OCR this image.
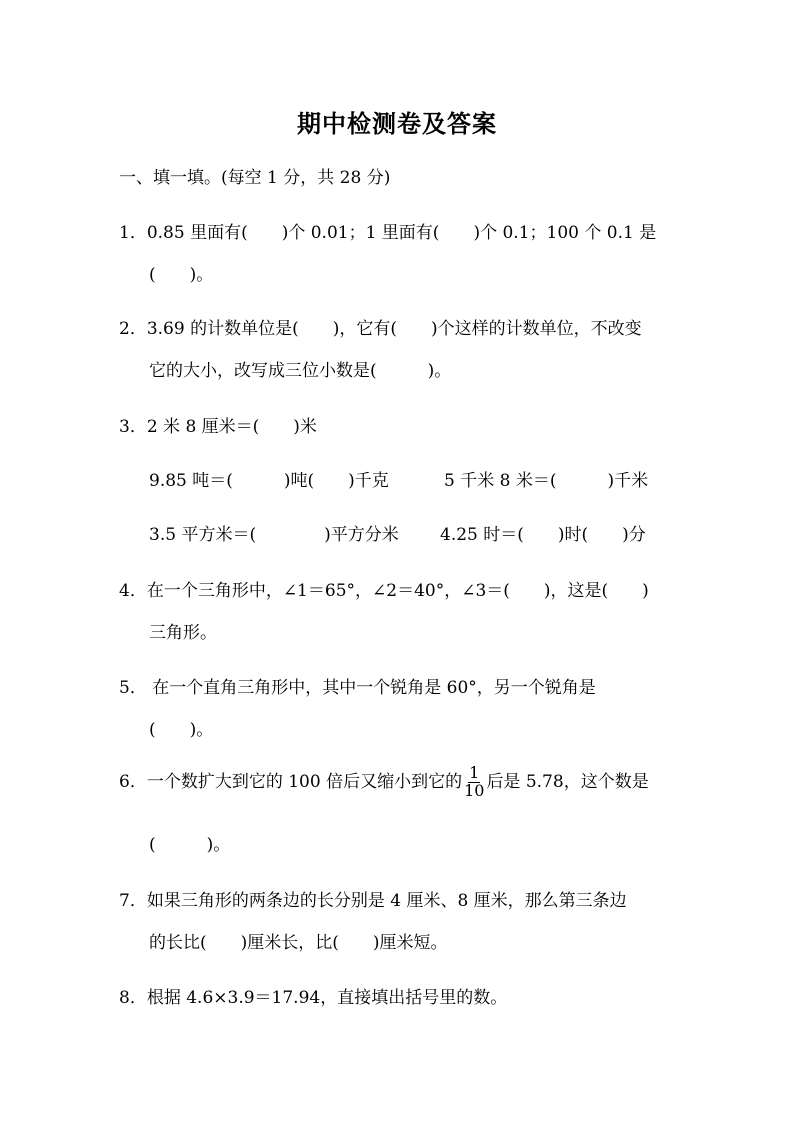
期中检测卷及答案
一、填一填。(每空 1 分，共 28 分)
1．0.85 里面有(　　)个 0.01；1 里面有(　　)个 0.1；100 个 0.1 是
(　　)。
2．3.69 的计数单位是(　　)，它有(　　)个这样的计数单位，不改变
它的大小，改写成三位小数是(　　　)。
3．2 米 8 厘米＝(　　)米
9.85 吨＝(　　　)吨(　　)千克	5 千米 8 米＝(　　　)千米
3.5 平方米＝(　　　　)平方分米 4.25 时＝(　　)时(　　)分
4．在一个三角形中，∠1＝65°，∠2＝40°，∠3＝(　　)，这是(　　)
三角形。
5． 在一个直角三角形中，其中一个锐角是 60°，另一个锐角是
(　　)。
6．一个数扩大到它的 100 倍后又缩小到它的 $\frac{1}{10}$ 后是 5.78，这个数是
(　　　)。
7．如果三角形的两条边的长分别是 4 厘米、8 厘米，那么第三条边
的长比(　　)厘米长，比(　　)厘米短。
8．根据 4.6×3.9＝17.94，直接填出括号里的数。
